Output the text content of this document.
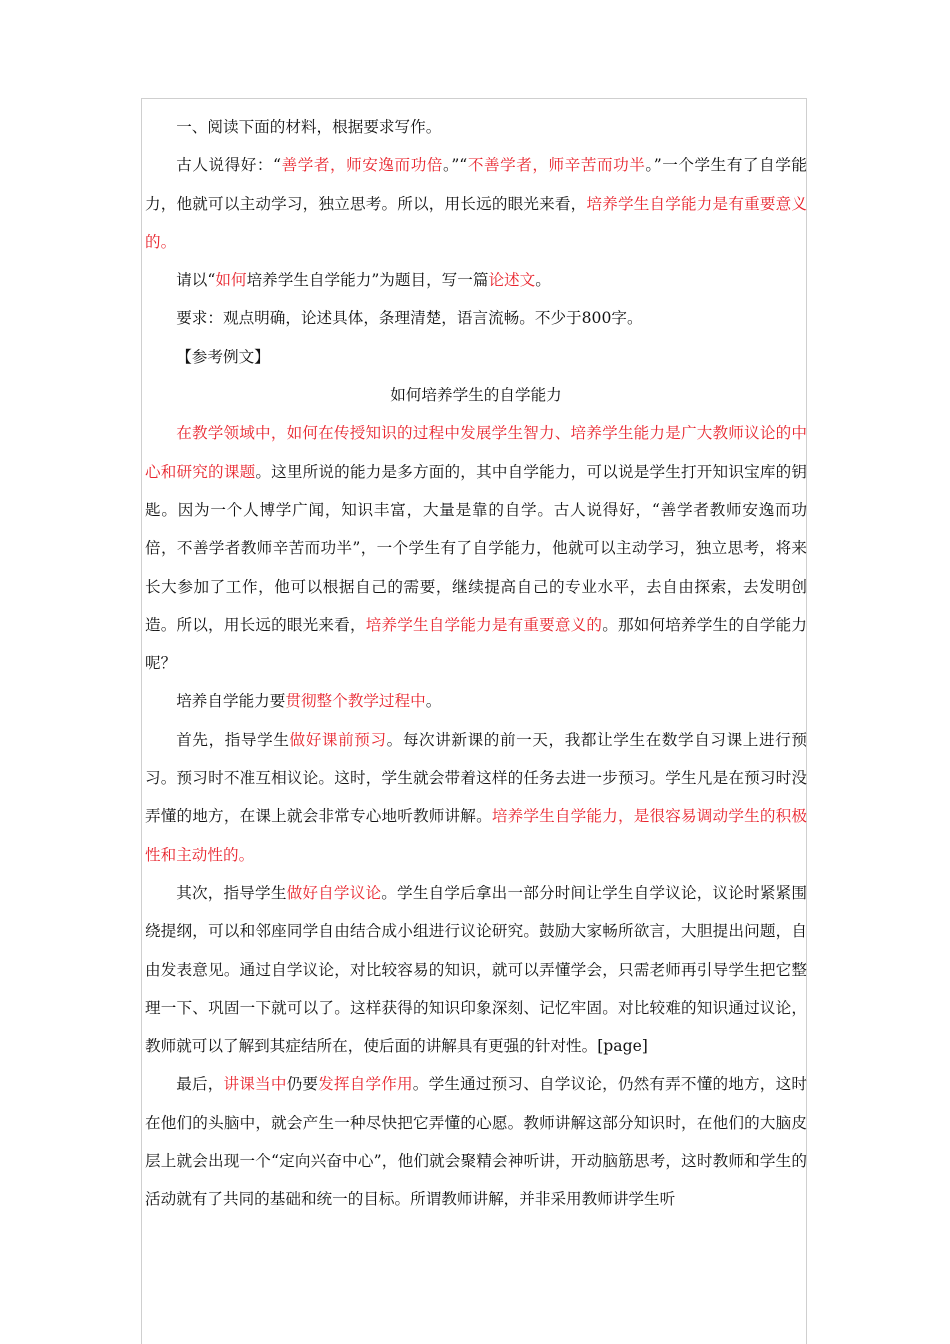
一、阅读下面的材料，根据要求写作。

古人说得好：“善学者，师安逸而功倍。”“不善学者，师辛苦而功半。”一个学生有了自学能力，他就可以主动学习，独立思考。所以，用长远的眼光来看，培养学生自学能力是有重要意义的。

请以“如何培养学生自学能力”为题目，写一篇论述文。

要求：观点明确，论述具体，条理清楚，语言流畅。不少于800字。

【参考例文】

如何培养学生的自学能力

在教学领域中，如何在传授知识的过程中发展学生智力、培养学生能力是广大教师议论的中心和研究的课题。这里所说的能力是多方面的，其中自学能力，可以说是学生打开知识宝库的钥匙。因为一个人博学广闻，知识丰富，大量是靠的自学。古人说得好，“善学者教师安逸而功倍，不善学者教师辛苦而功半”，一个学生有了自学能力，他就可以主动学习，独立思考，将来长大参加了工作，他可以根据自己的需要，继续提高自己的专业水平，去自由探索，去发明创造。所以，用长远的眼光来看，培养学生自学能力是有重要意义的。那如何培养学生的自学能力呢？

培养自学能力要贯彻整个教学过程中。

首先，指导学生做好课前预习。每次讲新课的前一天，我都让学生在数学自习课上进行预习。预习时不准互相议论。这时，学生就会带着这样的任务去进一步预习。学生凡是在预习时没弄懂的地方，在课上就会非常专心地听教师讲解。培养学生自学能力，是很容易调动学生的积极性和主动性的。

其次，指导学生做好自学议论。学生自学后拿出一部分时间让学生自学议论，议论时紧紧围绕提纲，可以和邻座同学自由结合成小组进行议论研究。鼓励大家畅所欲言，大胆提出问题，自由发表意见。通过自学议论，对比较容易的知识，就可以弄懂学会，只需老师再引导学生把它整理一下、巩固一下就可以了。这样获得的知识印象深刻、记忆牢固。对比较难的知识通过议论，教师就可以了解到其症结所在，使后面的讲解具有更强的针对性。[page]

最后，讲课当中仍要发挥自学作用。学生通过预习、自学议论，仍然有弄不懂的地方，这时在他们的头脑中，就会产生一种尽快把它弄懂的心愿。教师讲解这部分知识时，在他们的大脑皮层上就会出现一个“定向兴奋中心”，他们就会聚精会神听讲，开动脑筋思考，这时教师和学生的活动就有了共同的基础和统一的目标。所谓教师讲解，并非采用教师讲学生听
